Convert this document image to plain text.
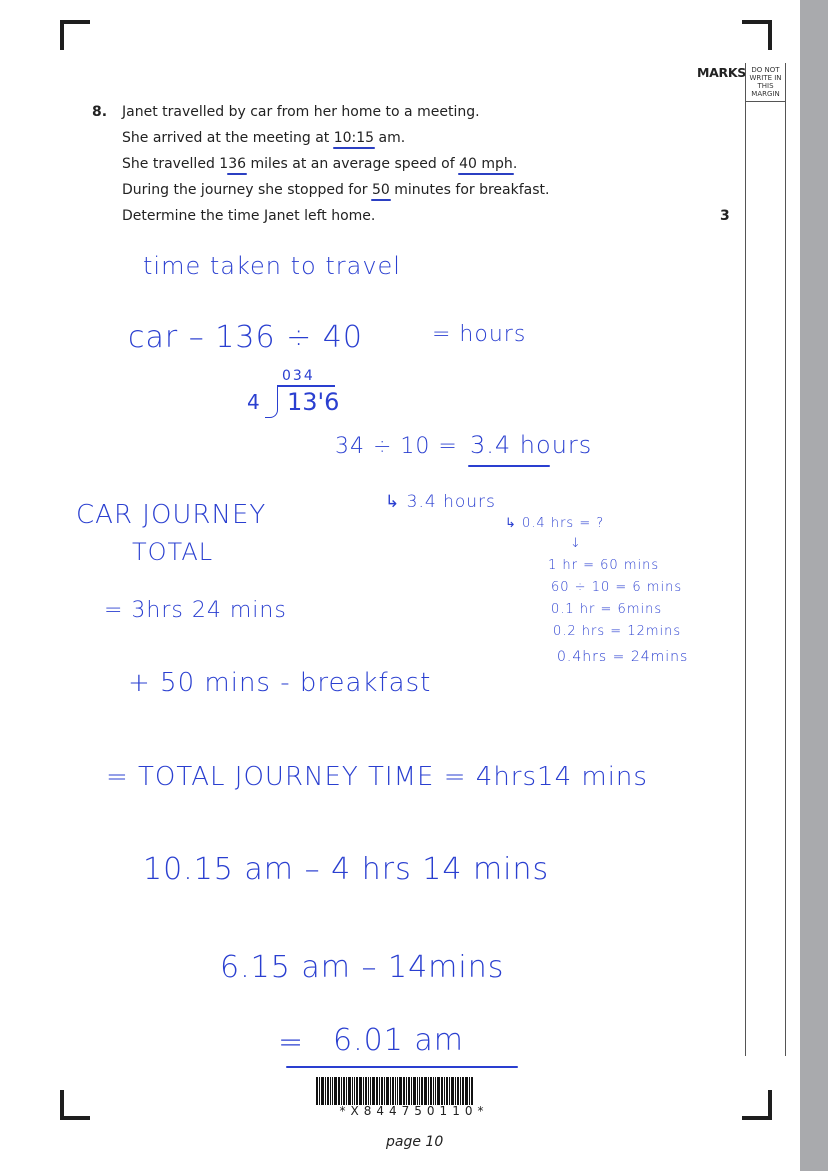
MARKS DO NOT
WRITE IN
THIS
MARGIN
8. Janet travelled by car from her home to a meeting.
She arrived at the meeting at 10:15 am.
She travelled 136 miles at an average speed of 40 mph.
During the journey she stopped for 50 minutes for breakfast.
Determine the time Janet left home.	3
time taken to travel
car – 136 ÷ 40	= hours
034
4 13'6
34 ÷ 10 = 3.4 hours
↳ 3.4 hours
↳ 0.4 hrs = ?
↓
1 hr = 60 mins
60 ÷ 10 = 6 mins
0.1 hr = 6mins
0.2 hrs = 12mins
0.4hrs = 24mins
CAR JOURNEY
TOTAL
= 3hrs 24 mins
+ 50 mins - breakfast
= TOTAL JOURNEY TIME = 4hrs14 mins
10.15 am – 4 hrs 14 mins
6.15 am – 14mins
= 6.01 am
*X844750110*
page 10
